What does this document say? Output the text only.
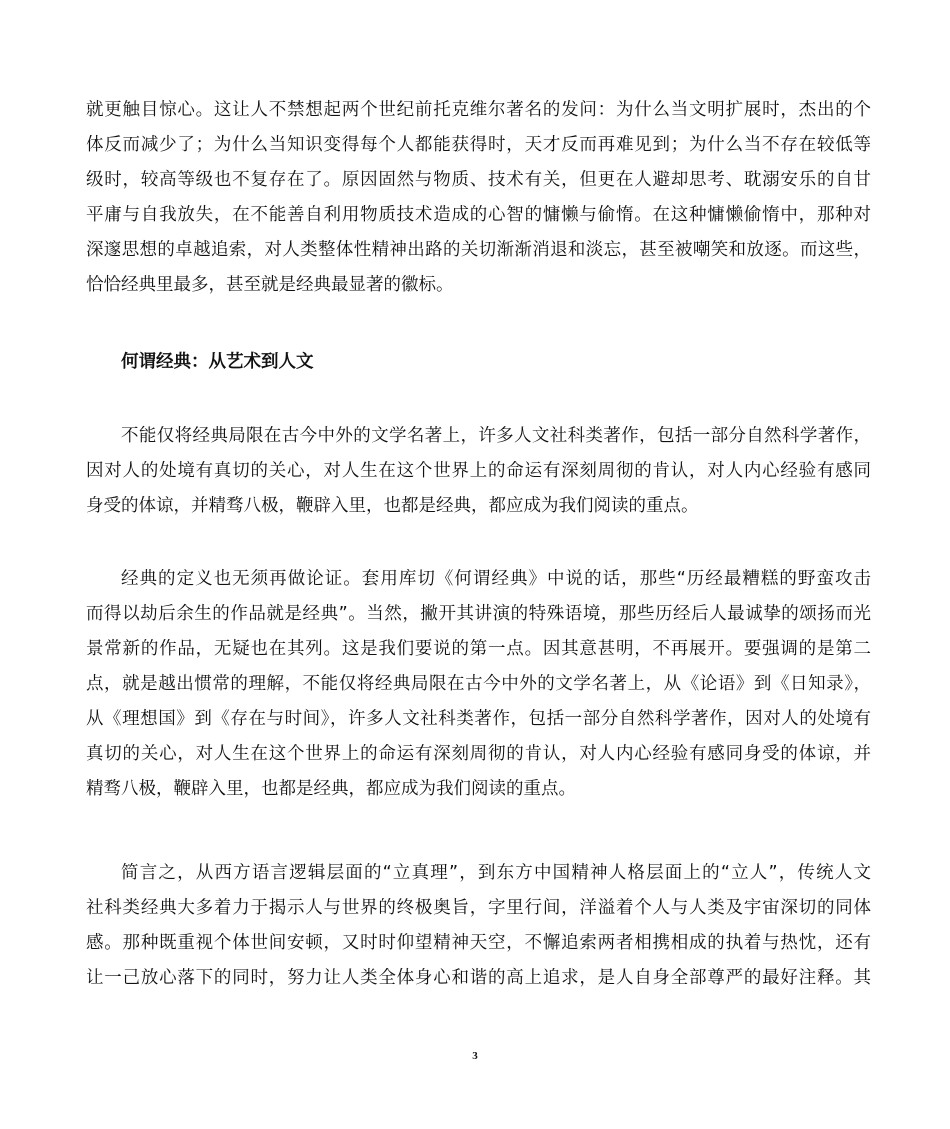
就更触目惊心。这让人不禁想起两个世纪前托克维尔著名的发问：为什么当文明扩展时，杰出的个
体反而减少了；为什么当知识变得每个人都能获得时，天才反而再难见到；为什么当不存在较低等
级时，较高等级也不复存在了。原因固然与物质、技术有关，但更在人避却思考、耽溺安乐的自甘
平庸与自我放失，在不能善自利用物质技术造成的心智的慵懒与偷惰。在这种慵懒偷惰中，那种对
深邃思想的卓越追索，对人类整体性精神出路的关切渐渐消退和淡忘，甚至被嘲笑和放逐。而这些，
恰恰经典里最多，甚至就是经典最显著的徽标。
何谓经典：从艺术到人文
不能仅将经典局限在古今中外的文学名著上，许多人文社科类著作，包括一部分自然科学著作，
因对人的处境有真切的关心，对人生在这个世界上的命运有深刻周彻的肯认，对人内心经验有感同
身受的体谅，并精骛八极，鞭辟入里，也都是经典，都应成为我们阅读的重点。
经典的定义也无须再做论证。套用库切《何谓经典》中说的话，那些“历经最糟糕的野蛮攻击
而得以劫后余生的作品就是经典”。当然，撇开其讲演的特殊语境，那些历经后人最诚挚的颂扬而光
景常新的作品，无疑也在其列。这是我们要说的第一点。因其意甚明，不再展开。要强调的是第二
点，就是越出惯常的理解，不能仅将经典局限在古今中外的文学名著上，从《论语》到《日知录》，
从《理想国》到《存在与时间》，许多人文社科类著作，包括一部分自然科学著作，因对人的处境有
真切的关心，对人生在这个世界上的命运有深刻周彻的肯认，对人内心经验有感同身受的体谅，并
精骛八极，鞭辟入里，也都是经典，都应成为我们阅读的重点。
简言之，从西方语言逻辑层面的“立真理”，到东方中国精神人格层面上的“立人”，传统人文
社科类经典大多着力于揭示人与世界的终极奥旨，字里行间，洋溢着个人与人类及宇宙深切的同体
感。那种既重视个体世间安顿，又时时仰望精神天空，不懈追索两者相携相成的执着与热忱，还有
让一己放心落下的同时，努力让人类全体身心和谐的高上追求，是人自身全部尊严的最好注释。其
3
